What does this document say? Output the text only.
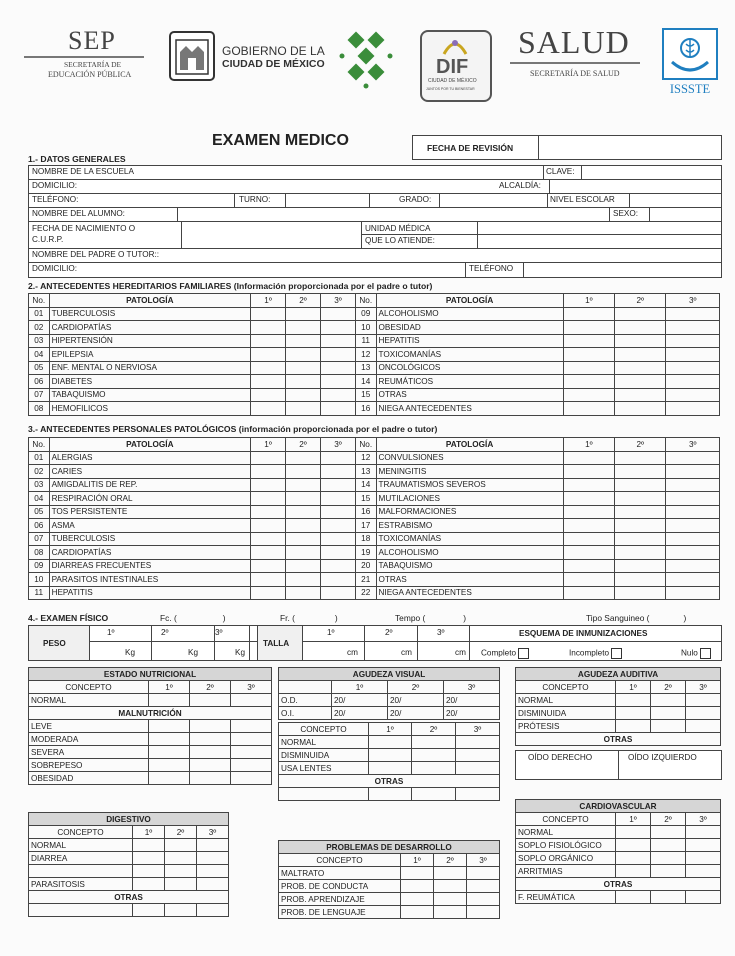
SEP
SECRETARÍA DE
EDUCACIÓN PÚBLICA
GOBIERNO DE LA
CIUDAD DE MÉXICO	DIF
CIUDAD DE MÉXICO
JUNTOS POR TU BIENESTAR
SALUD
SECRETARÍA DE SALUD
ISSSTE
EXAMEN MEDICO	FECHA DE REVISIÓN
1.- DATOS GENERALES
NOMBRE DE LA ESCUELA	CLAVE:
DOMICILIO:	ALCALDÍA:
TELÉFONO:	TURNO:	GRADO:	NIVEL ESCOLAR
NOMBRE DEL ALUMNO:	SEXO:
FECHA DE NACIMIENTO O
C.U.R.P.
UNIDAD MÉDICA
QUE LO ATIENDE:
NOMBRE DEL PADRE O TUTOR::
DOMICILIO:	TELÉFONO
2.- ANTECEDENTES HEREDITARIOS FAMILIARES (Información proporcionada por el padre o tutor)
No.	PATOLOGÍA	1º	2º	3º	No.	PATOLOGÍA	1º	2º	3º
01	TUBERCULOSIS				09	ALCOHOLISMO			
02	CARDIOPATÍAS				10	OBESIDAD			
03	HIPERTENSIÓN				11	HEPATITIS			
04	EPILEPSIA				12	TOXICOMANÍAS			
05	ENF. MENTAL O NERVIOSA				13	ONCOLÓGICOS			
06	DIABETES				14	REUMÁTICOS			
07	TABAQUISMO				15	OTRAS			
08	HEMOFILICOS				16	NIEGA ANTECEDENTES			
3.- ANTECEDENTES PERSONALES PATOLÓGICOS (información proporcionada por el padre o tutor)
No.	PATOLOGÍA	1º	2º	3º	No.	PATOLOGÍA	1º	2º	3º
01	ALERGIAS				12	CONVULSIONES			
02	CARIES				13	MENINGITIS			
03	AMIGDALITIS DE REP.				14	TRAUMATISMOS SEVEROS			
04	RESPIRACIÓN ORAL				15	MUTILACIONES			
05	TOS PERSISTENTE				16	MALFORMACIONES			
06	ASMA				17	ESTRABISMO			
07	TUBERCULOSIS				18	TOXICOMANÍAS			
08	CARDIOPATÍAS				19	ALCOHOLISMO			
09	DIARREAS FRECUENTES				20	TABAQUISMO			
10	PARASITOS INTESTINALES				21	OTRAS			
11	HEPATITIS				22	NIEGA ANTECEDENTES			
4.- EXAMEN FÍSICO	Fc. (	)	Fr. (	)	Tempo (	)	Tipo Sanguineo (	)
PESO
1º	2º	3º
Kg	Kg	Kg
TALLA
1º	2º	3º
cm	cm	cm
ESQUEMA DE INMUNIZACIONES
Completo	Incompleto	Nulo
ESTADO NUTRICIONAL			
CONCEPTO	1º	2º	3º
NORMAL			
MALNUTRICIÓN			
LEVE			
MODERADA			
SEVERA			
SOBREPESO			
OBESIDAD			
AGUDEZA VISUAL			
	1º	2º	3º
O.D.	20/	20/	20/
O.I.	20/	20/	20/
CONCEPTO	1º	2º	3º
NORMAL			
DISMINUIDA			
USA LENTES			
OTRAS			

AGUDEZA AUDITIVA			
CONCEPTO	1º	2º	3º
NORMAL			
DISMINUIDA			
PRÓTESIS			
OTRAS			
OÍDO DERECHO	OÍDO IZQUIERDO
DIGESTIVO			
CONCEPTO	1º	2º	3º
NORMAL			
DIARREA			

PARASITOSIS			
OTRAS			

PROBLEMAS DE DESARROLLO			
CONCEPTO	1º	2º	3º
MALTRATO			
PROB. DE CONDUCTA			
PROB. APRENDIZAJE			
PROB. DE LENGUAJE			
CARDIOVASCULAR			
CONCEPTO	1º	2º	3º
NORMAL			
SOPLO FISIOLÓGICO			
SOPLO ORGÁNICO			
ARRITMIAS			
OTRAS			
F. REUMÁTICA			
